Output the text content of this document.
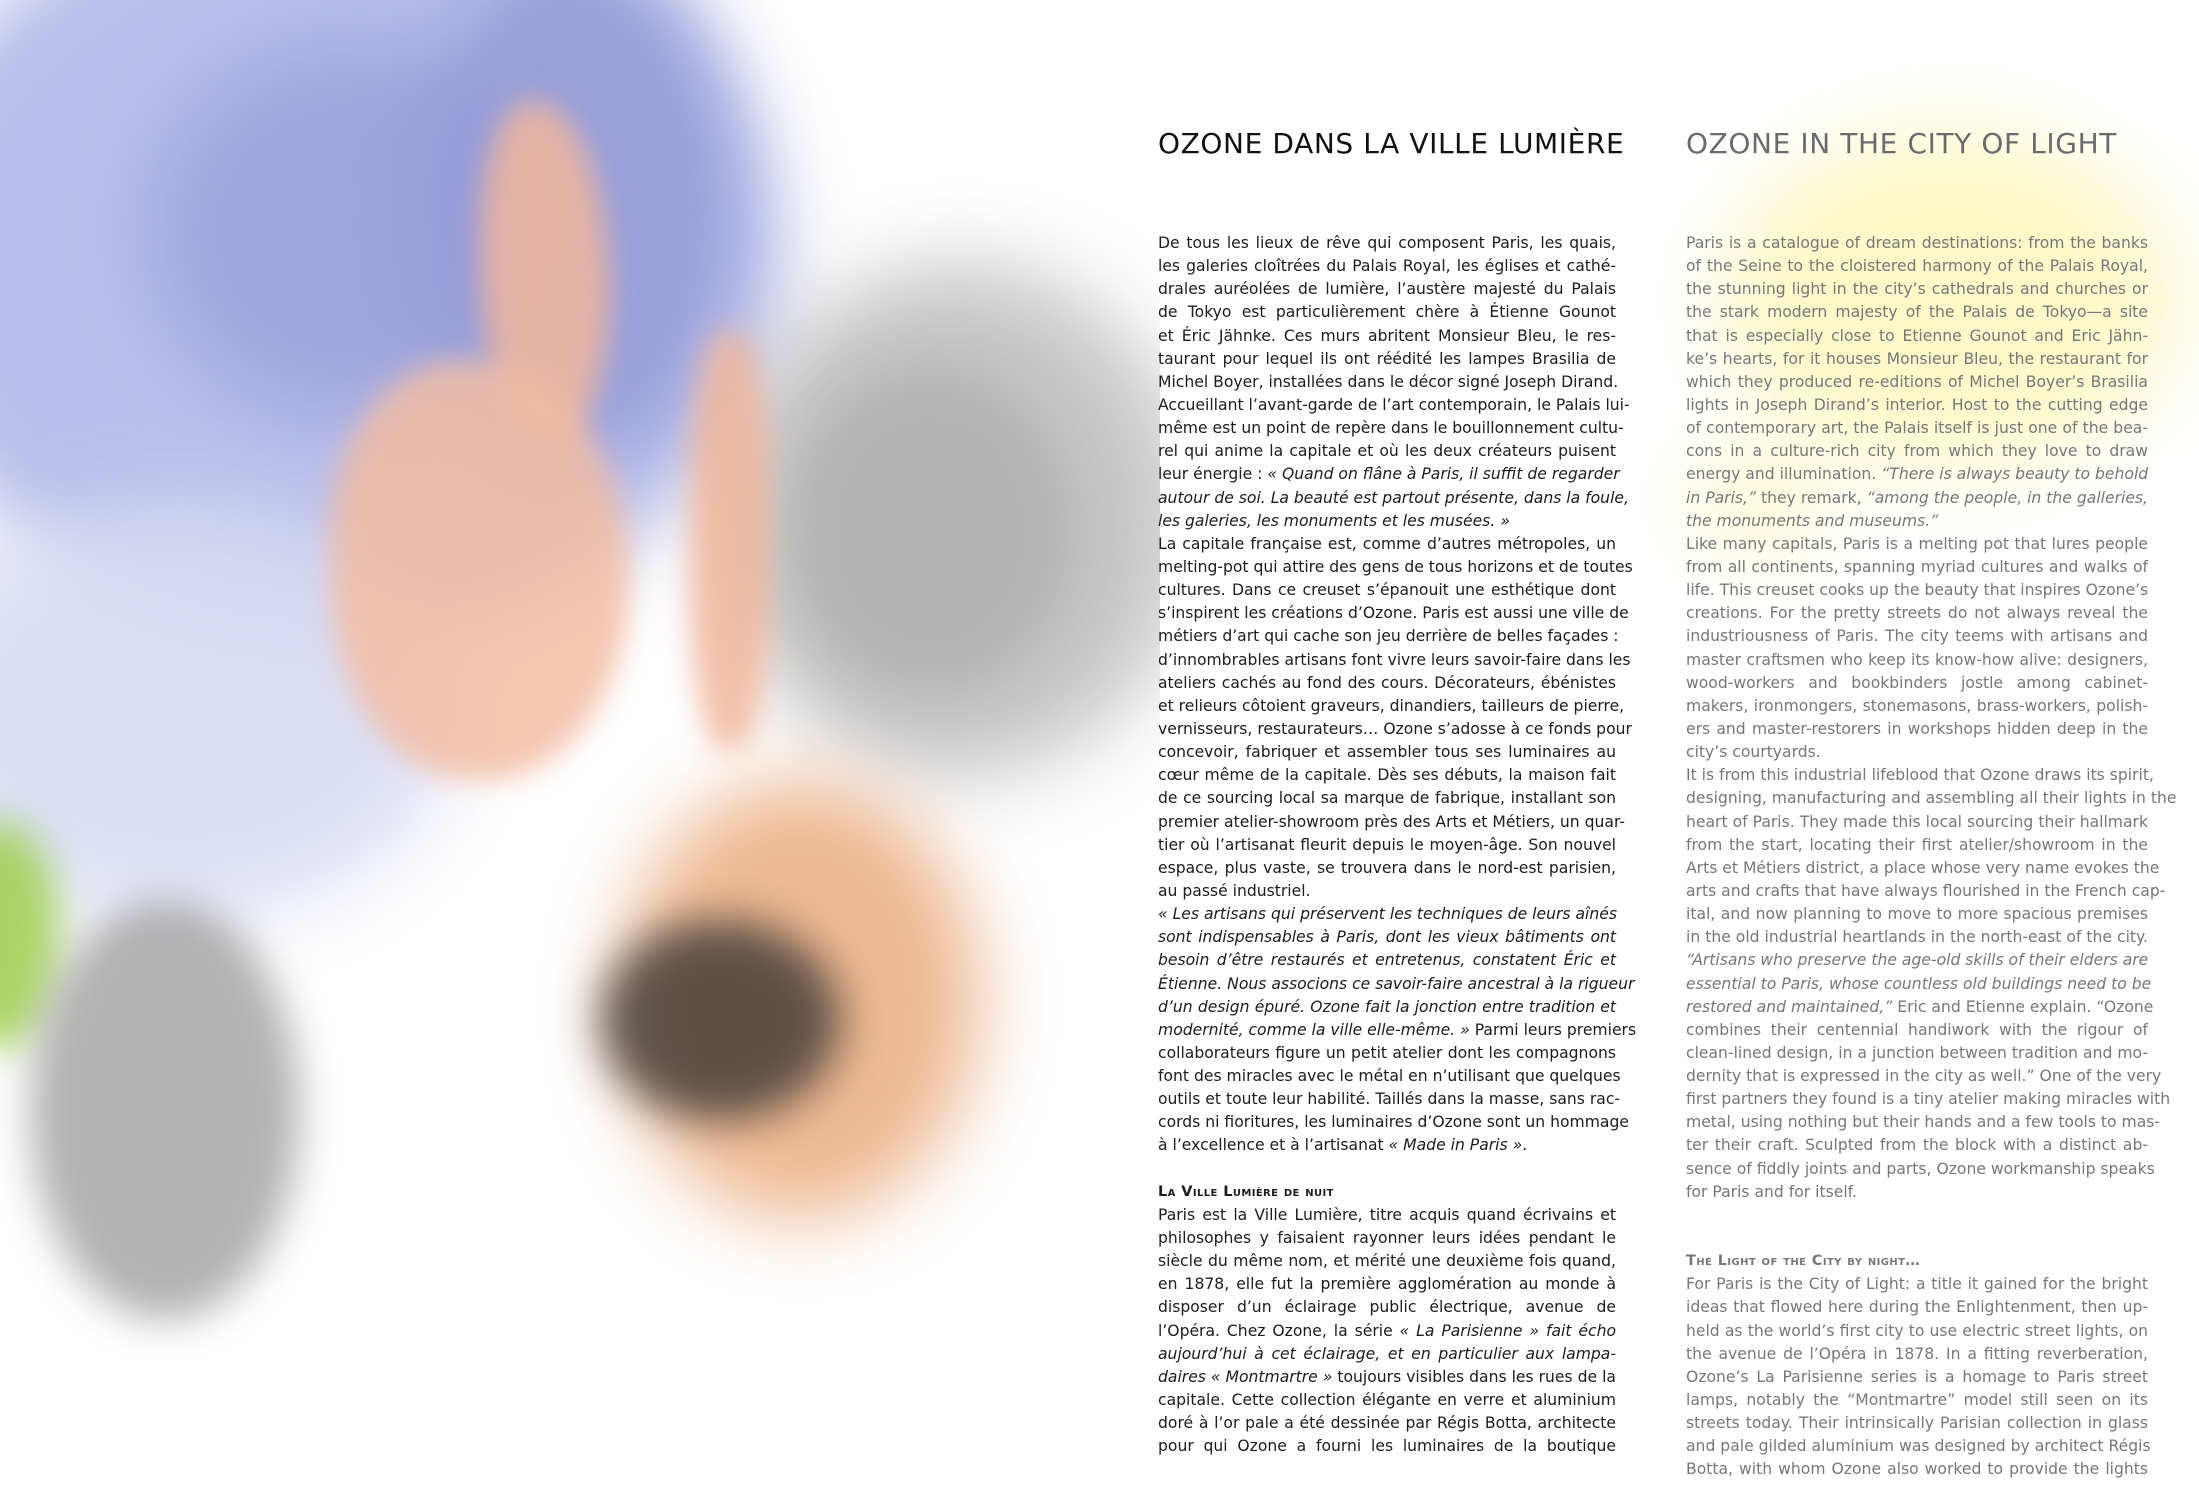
OZONE DANS LA VILLE LUMIÈRE OZONE IN THE CITY OF LIGHT
De tous les lieux de rêve qui composent Paris, les quais,
les galeries cloîtrées du Palais Royal, les églises et cathé-
drales auréolées de lumière, l’austère majesté du Palais
de Tokyo est particulièrement chère à Étienne Gounot
et Éric Jähnke. Ces murs abritent Monsieur Bleu, le res-
taurant pour lequel ils ont réédité les lampes Brasilia de
Michel Boyer, installées dans le décor signé Joseph Dirand.
Accueillant l’avant-garde de l’art contemporain, le Palais lui-
même est un point de repère dans le bouillonnement cultu-
rel qui anime la capitale et où les deux créateurs puisent
leur énergie : « Quand on flâne à Paris, il suffit de regarder
autour de soi. La beauté est partout présente, dans la foule,
les galeries, les monuments et les musées. »
La capitale française est, comme d’autres métropoles, un
melting-pot qui attire des gens de tous horizons et de toutes
cultures. Dans ce creuset s’épanouit une esthétique dont
s’inspirent les créations d’Ozone. Paris est aussi une ville de
métiers d’art qui cache son jeu derrière de belles façades :
d’innombrables artisans font vivre leurs savoir-faire dans les
ateliers cachés au fond des cours. Décorateurs, ébénistes
et relieurs côtoient graveurs, dinandiers, tailleurs de pierre,
vernisseurs, restaurateurs… Ozone s’adosse à ce fonds pour
concevoir, fabriquer et assembler tous ses luminaires au
cœur même de la capitale. Dès ses débuts, la maison fait
de ce sourcing local sa marque de fabrique, installant son
premier atelier-showroom près des Arts et Métiers, un quar-
tier où l’artisanat fleurit depuis le moyen-âge. Son nouvel
espace, plus vaste, se trouvera dans le nord-est parisien,
au passé industriel.
« Les artisans qui préservent les techniques de leurs aînés
sont indispensables à Paris, dont les vieux bâtiments ont
besoin d’être restaurés et entretenus, constatent Éric et
Étienne. Nous associons ce savoir-faire ancestral à la rigueur
d’un design épuré. Ozone fait la jonction entre tradition et
modernité, comme la ville elle-même. » Parmi leurs premiers
collaborateurs figure un petit atelier dont les compagnons
font des miracles avec le métal en n’utilisant que quelques
outils et toute leur habilité. Taillés dans la masse, sans rac-
cords ni fioritures, les luminaires d’Ozone sont un hommage
à l’excellence et à l’artisanat « Made in Paris ».
La Ville Lumière de nuit
Paris est la Ville Lumière, titre acquis quand écrivains et
philosophes y faisaient rayonner leurs idées pendant le
siècle du même nom, et mérité une deuxième fois quand,
en 1878, elle fut la première agglomération au monde à
disposer d’un éclairage public électrique, avenue de
l’Opéra. Chez Ozone, la série « La Parisienne » fait écho
aujourd’hui à cet éclairage, et en particulier aux lampa-
daires « Montmartre » toujours visibles dans les rues de la
capitale. Cette collection élégante en verre et aluminium
doré à l’or pale a été dessinée par Régis Botta, architecte
pour qui Ozone a fourni les luminaires de la boutique
Paris is a catalogue of dream destinations: from the banks
of the Seine to the cloistered harmony of the Palais Royal,
the stunning light in the city’s cathedrals and churches or
the stark modern majesty of the Palais de Tokyo—a site
that is especially close to Etienne Gounot and Eric Jähn-
ke’s hearts, for it houses Monsieur Bleu, the restaurant for
which they produced re-editions of Michel Boyer’s Brasilia
lights in Joseph Dirand’s interior. Host to the cutting edge
of contemporary art, the Palais itself is just one of the bea-
cons in a culture-rich city from which they love to draw
energy and illumination. “There is always beauty to behold
in Paris,” they remark, “among the people, in the galleries,
the monuments and museums.”
Like many capitals, Paris is a melting pot that lures people
from all continents, spanning myriad cultures and walks of
life. This creuset cooks up the beauty that inspires Ozone’s
creations. For the pretty streets do not always reveal the
industriousness of Paris. The city teems with artisans and
master craftsmen who keep its know-how alive: designers,
wood-workers and bookbinders jostle among cabinet-
makers, ironmongers, stonemasons, brass-workers, polish-
ers and master-restorers in workshops hidden deep in the
city’s courtyards.
It is from this industrial lifeblood that Ozone draws its spirit,
designing, manufacturing and assembling all their lights in the
heart of Paris. They made this local sourcing their hallmark
from the start, locating their first atelier/showroom in the
Arts et Métiers district, a place whose very name evokes the
arts and crafts that have always flourished in the French cap-
ital, and now planning to move to more spacious premises
in the old industrial heartlands in the north-east of the city.
“Artisans who preserve the age-old skills of their elders are
essential to Paris, whose countless old buildings need to be
restored and maintained,” Eric and Etienne explain. “Ozone
combines their centennial handiwork with the rigour of
clean-lined design, in a junction between tradition and mo-
dernity that is expressed in the city as well.” One of the very
first partners they found is a tiny atelier making miracles with
metal, using nothing but their hands and a few tools to mas-
ter their craft. Sculpted from the block with a distinct ab-
sence of fiddly joints and parts, Ozone workmanship speaks
for Paris and for itself.
The Light of the City by night…
For Paris is the City of Light: a title it gained for the bright
ideas that flowed here during the Enlightenment, then up-
held as the world’s first city to use electric street lights, on
the avenue de l’Opéra in 1878. In a fitting reverberation,
Ozone’s La Parisienne series is a homage to Paris street
lamps, notably the “Montmartre” model still seen on its
streets today. Their intrinsically Parisian collection in glass
and pale gilded aluminium was designed by architect Régis
Botta, with whom Ozone also worked to provide the lights
